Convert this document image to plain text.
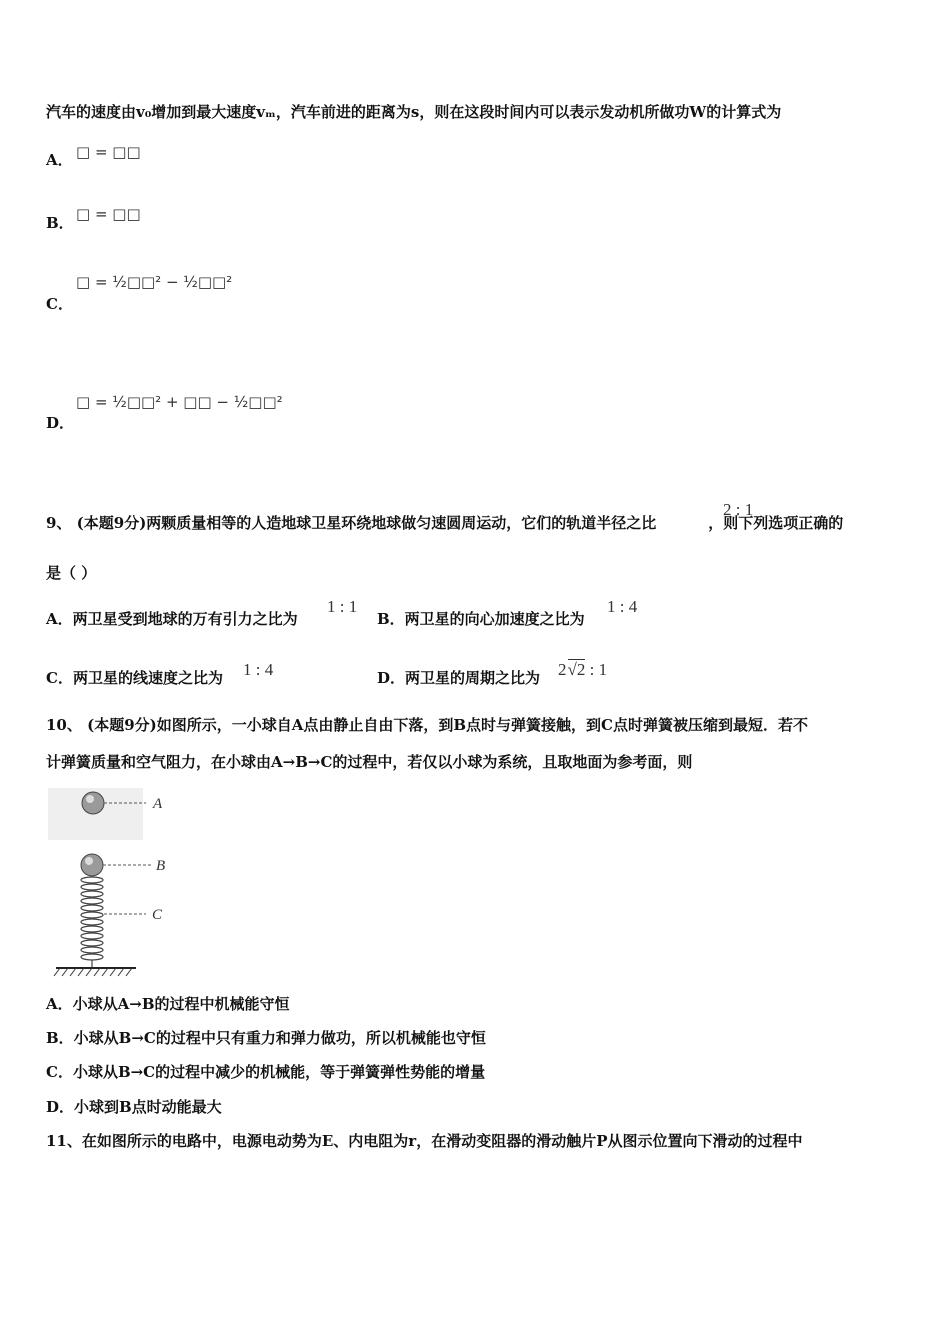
汽车的速度由v₀增加到最大速度vₘ，汽车前进的距离为s，则在这段时间内可以表示发动机所做功W的计算式为
A． □ = □□
B． □ = □□
C．
□ = ½□□² − ½□□²
D．
□ = ½□□² + □□ − ½□□²
9、 (本题9分)两颗质量相等的人造地球卫星环绕地球做匀速圆周运动，它们的轨道半径之比	，则下列选项正确的
2 : 1
是（ ）
A．两卫星受到地球的万有引力之比为
1 : 1
B．两卫星的向心加速度之比为
1 : 4
C．两卫星的线速度之比为 1 : 4	D．两卫星的周期之比为 2√2 : 1
10、 (本题9分)如图所示，一小球自A点由静止自由下落，到B点时与弹簧接触，到C点时弹簧被压缩到最短．若不
计弹簧质量和空气阻力，在小球由A→B→C的过程中，若仅以小球为系统，且取地面为参考面，则
A
B
C
A．小球从A→B的过程中机械能守恒
B．小球从B→C的过程中只有重力和弹力做功，所以机械能也守恒
C．小球从B→C的过程中减少的机械能，等于弹簧弹性势能的增量
D．小球到B点时动能最大
11、在如图所示的电路中，电源电动势为E、内电阻为r，在滑动变阻器的滑动触片P从图示位置向下滑动的过程中
